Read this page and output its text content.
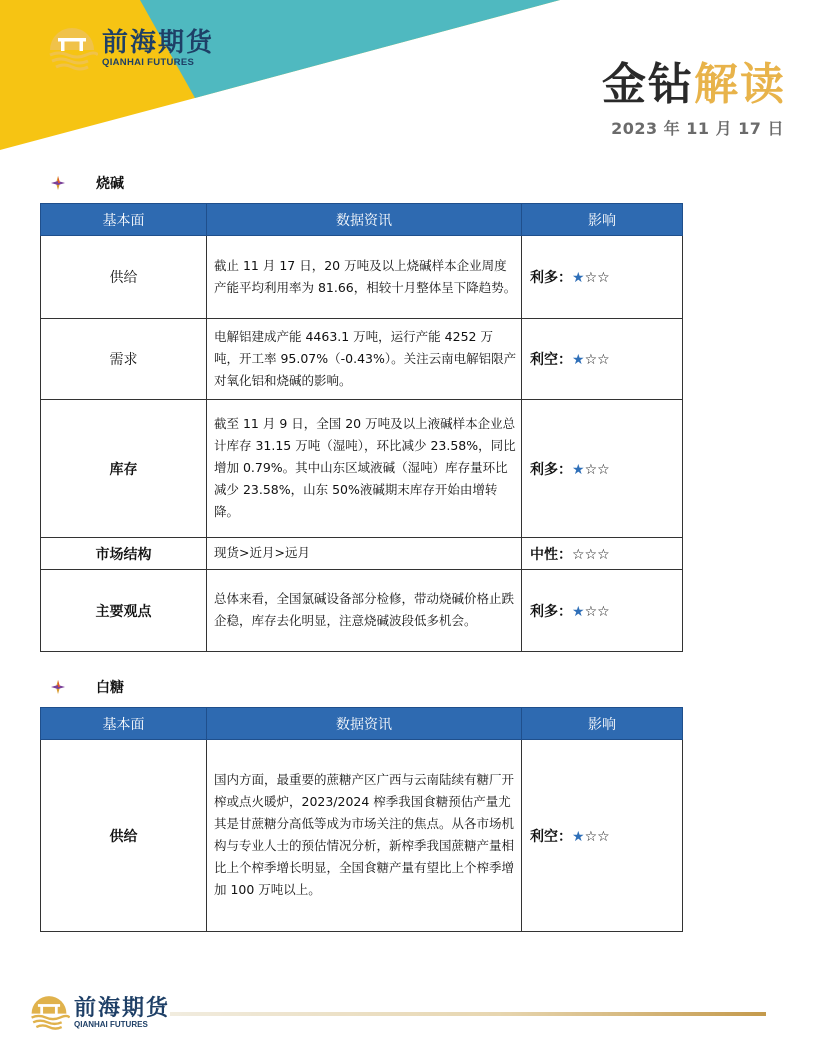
前海期货
QIANHAI FUTURES	金钻解读
2023 年 11 月 17 日
烧碱
基本面	数据资讯	影响
供给	截止 11 月 17 日，20 万吨及以上烧碱样本企业周度产能平均利用率为 81.66，相较十月整体呈下降趋势。	利多：★☆☆
需求	电解铝建成产能 4463.1 万吨，运行产能 4252 万吨，开工率 95.07%（-0.43%）。关注云南电解铝限产对氧化铝和烧碱的影响。	利空：★☆☆
库存	截至 11 月 9 日，全国 20 万吨及以上液碱样本企业总计库存 31.15 万吨（湿吨），环比减少 23.58%，同比增加 0.79%。其中山东区域液碱（湿吨）库存量环比减少 23.58%，山东 50%液碱期末库存开始由增转降。	利多：★☆☆
市场结构	现货>近月>远月	中性：☆☆☆
主要观点	总体来看，全国氯碱设备部分检修，带动烧碱价格止跌企稳，库存去化明显，注意烧碱波段低多机会。	利多：★☆☆
白糖
基本面	数据资讯	影响
供给	国内方面，最重要的蔗糖产区广西与云南陆续有糖厂开榨或点火暖炉，2023/2024 榨季我国食糖预估产量尤其是甘蔗糖分高低等成为市场关注的焦点。从各市场机构与专业人士的预估情况分析，新榨季我国蔗糖产量相比上个榨季增长明显，全国食糖产量有望比上个榨季增加 100 万吨以上。	利空：★☆☆
前海期货
QIANHAI FUTURES
